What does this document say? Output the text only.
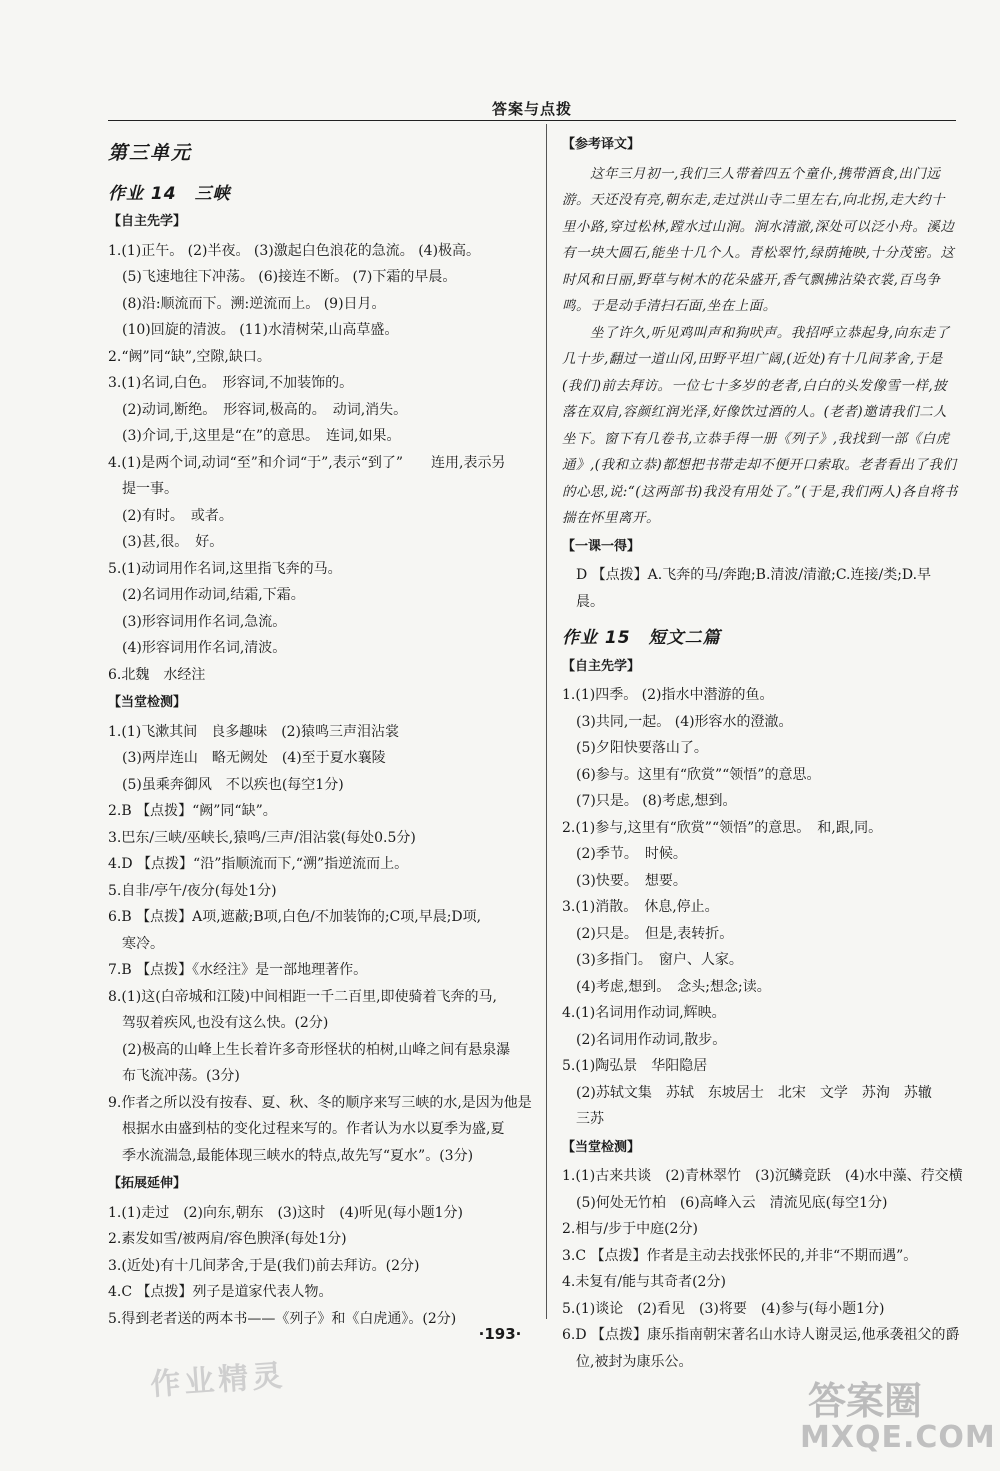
答案与点拨
第三单元
作业 14　三峡
【自主先学】
1.(1)正午。 (2)半夜。 (3)激起白色浪花的急流。 (4)极高。
(5)飞速地往下冲荡。 (6)接连不断。 (7)下霜的早晨。
(8)沿:顺流而下。溯:逆流而上。 (9)日月。
(10)回旋的清波。 (11)水清树荣,山高草盛。
2.“阙”同“缺”,空隙,缺口。
3.(1)名词,白色。　形容词,不加装饰的。
(2)动词,断绝。　形容词,极高的。　动词,消失。
(3)介词,于,这里是“在”的意思。　连词,如果。
4.(1)是两个词,动词“至”和介词“于”,表示“到了”　　连用,表示另
提一事。
(2)有时。　或者。
(3)甚,很。　好。
5.(1)动词用作名词,这里指飞奔的马。
(2)名词用作动词,结霜,下霜。
(3)形容词用作名词,急流。
(4)形容词用作名词,清波。
6.北魏　水经注
【当堂检测】
1.(1)飞漱其间　良多趣味　(2)猿鸣三声泪沾裳
(3)两岸连山　略无阙处　(4)至于夏水襄陵
(5)虽乘奔御风　不以疾也(每空1分)
2.B 【点拨】“阙”同“缺”。
3.巴东/三峡/巫峡长,猿鸣/三声/泪沾裳(每处0.5分)
4.D 【点拨】“沿”指顺流而下,“溯”指逆流而上。
5.自非/亭午/夜分(每处1分)
6.B 【点拨】A项,遮蔽;B项,白色/不加装饰的;C项,早晨;D项,
寒冷。
7.B 【点拨】《水经注》是一部地理著作。
8.(1)这(白帝城和江陵)中间相距一千二百里,即使骑着飞奔的马,
驾驭着疾风,也没有这么快。(2分)
(2)极高的山峰上生长着许多奇形怪状的柏树,山峰之间有悬泉瀑
布飞流冲荡。(3分)
9.作者之所以没有按春、夏、秋、冬的顺序来写三峡的水,是因为他是
根据水由盛到枯的变化过程来写的。作者认为水以夏季为盛,夏
季水流湍急,最能体现三峡水的特点,故先写“夏水”。(3分)
【拓展延伸】
1.(1)走过　(2)向东,朝东　(3)这时　(4)听见(每小题1分)
2.素发如雪/被两肩/容色腴泽(每处1分)
3.(近处)有十几间茅舍,于是(我们)前去拜访。(2分)
4.C 【点拨】列子是道家代表人物。
5.得到老者送的两本书——《列子》和《白虎通》。(2分)
【参考译文】
这年三月初一,我们三人带着四五个童仆,携带酒食,出门远游。天还没有亮,朝东走,走过洪山寺二里左右,向北拐,走大约十里小路,穿过松林,蹚水过山涧。涧水清澈,深处可以泛小舟。溪边有一块大圆石,能坐十几个人。青松翠竹,绿荫掩映,十分茂密。这时风和日丽,野草与树木的花朵盛开,香气飘拂沾染衣裳,百鸟争鸣。于是动手清扫石面,坐在上面。
坐了许久,听见鸡叫声和狗吠声。我招呼立恭起身,向东走了几十步,翻过一道山冈,田野平坦广阔,(近处)有十几间茅舍,于是(我们)前去拜访。一位七十多岁的老者,白白的头发像雪一样,披落在双肩,容颜红润光泽,好像饮过酒的人。(老者)邀请我们二人坐下。窗下有几卷书,立恭手得一册《列子》,我找到一部《白虎通》,(我和立恭)都想把书带走却不便开口索取。老者看出了我们的心思,说:“(这两部书)我没有用处了。”(于是,我们两人)各自将书揣在怀里离开。
【一课一得】
D 【点拨】A.飞奔的马/奔跑;B.清波/清澈;C.连接/类;D.早晨。
作业 15　短文二篇
【自主先学】
1.(1)四季。 (2)指水中潜游的鱼。
(3)共同,一起。 (4)形容水的澄澈。
(5)夕阳快要落山了。
(6)参与。这里有“欣赏”“领悟”的意思。
(7)只是。 (8)考虑,想到。
2.(1)参与,这里有“欣赏”“领悟”的意思。　和,跟,同。
(2)季节。　时候。
(3)快要。　想要。
3.(1)消散。　休息,停止。
(2)只是。　但是,表转折。
(3)多指门。　窗户、人家。
(4)考虑,想到。　念头;想念;读。
4.(1)名词用作动词,辉映。
(2)名词用作动词,散步。
5.(1)陶弘景　华阳隐居
(2)苏轼文集　苏轼　东坡居士　北宋　文学　苏洵　苏辙
三苏
【当堂检测】
1.(1)古来共谈　(2)青林翠竹　(3)沉鳞竞跃　(4)水中藻、荇交横
(5)何处无竹柏　(6)高峰入云　清流见底(每空1分)
2.相与/步于中庭(2分)
3.C 【点拨】作者是主动去找张怀民的,并非“不期而遇”。
4.未复有/能与其奇者(2分)
5.(1)谈论　(2)看见　(3)将要　(4)参与(每小题1分)
6.D 【点拨】康乐指南朝宋著名山水诗人谢灵运,他承袭祖父的爵
位,被封为康乐公。
·193·
作业精灵	答案圈
MXQE.COM
